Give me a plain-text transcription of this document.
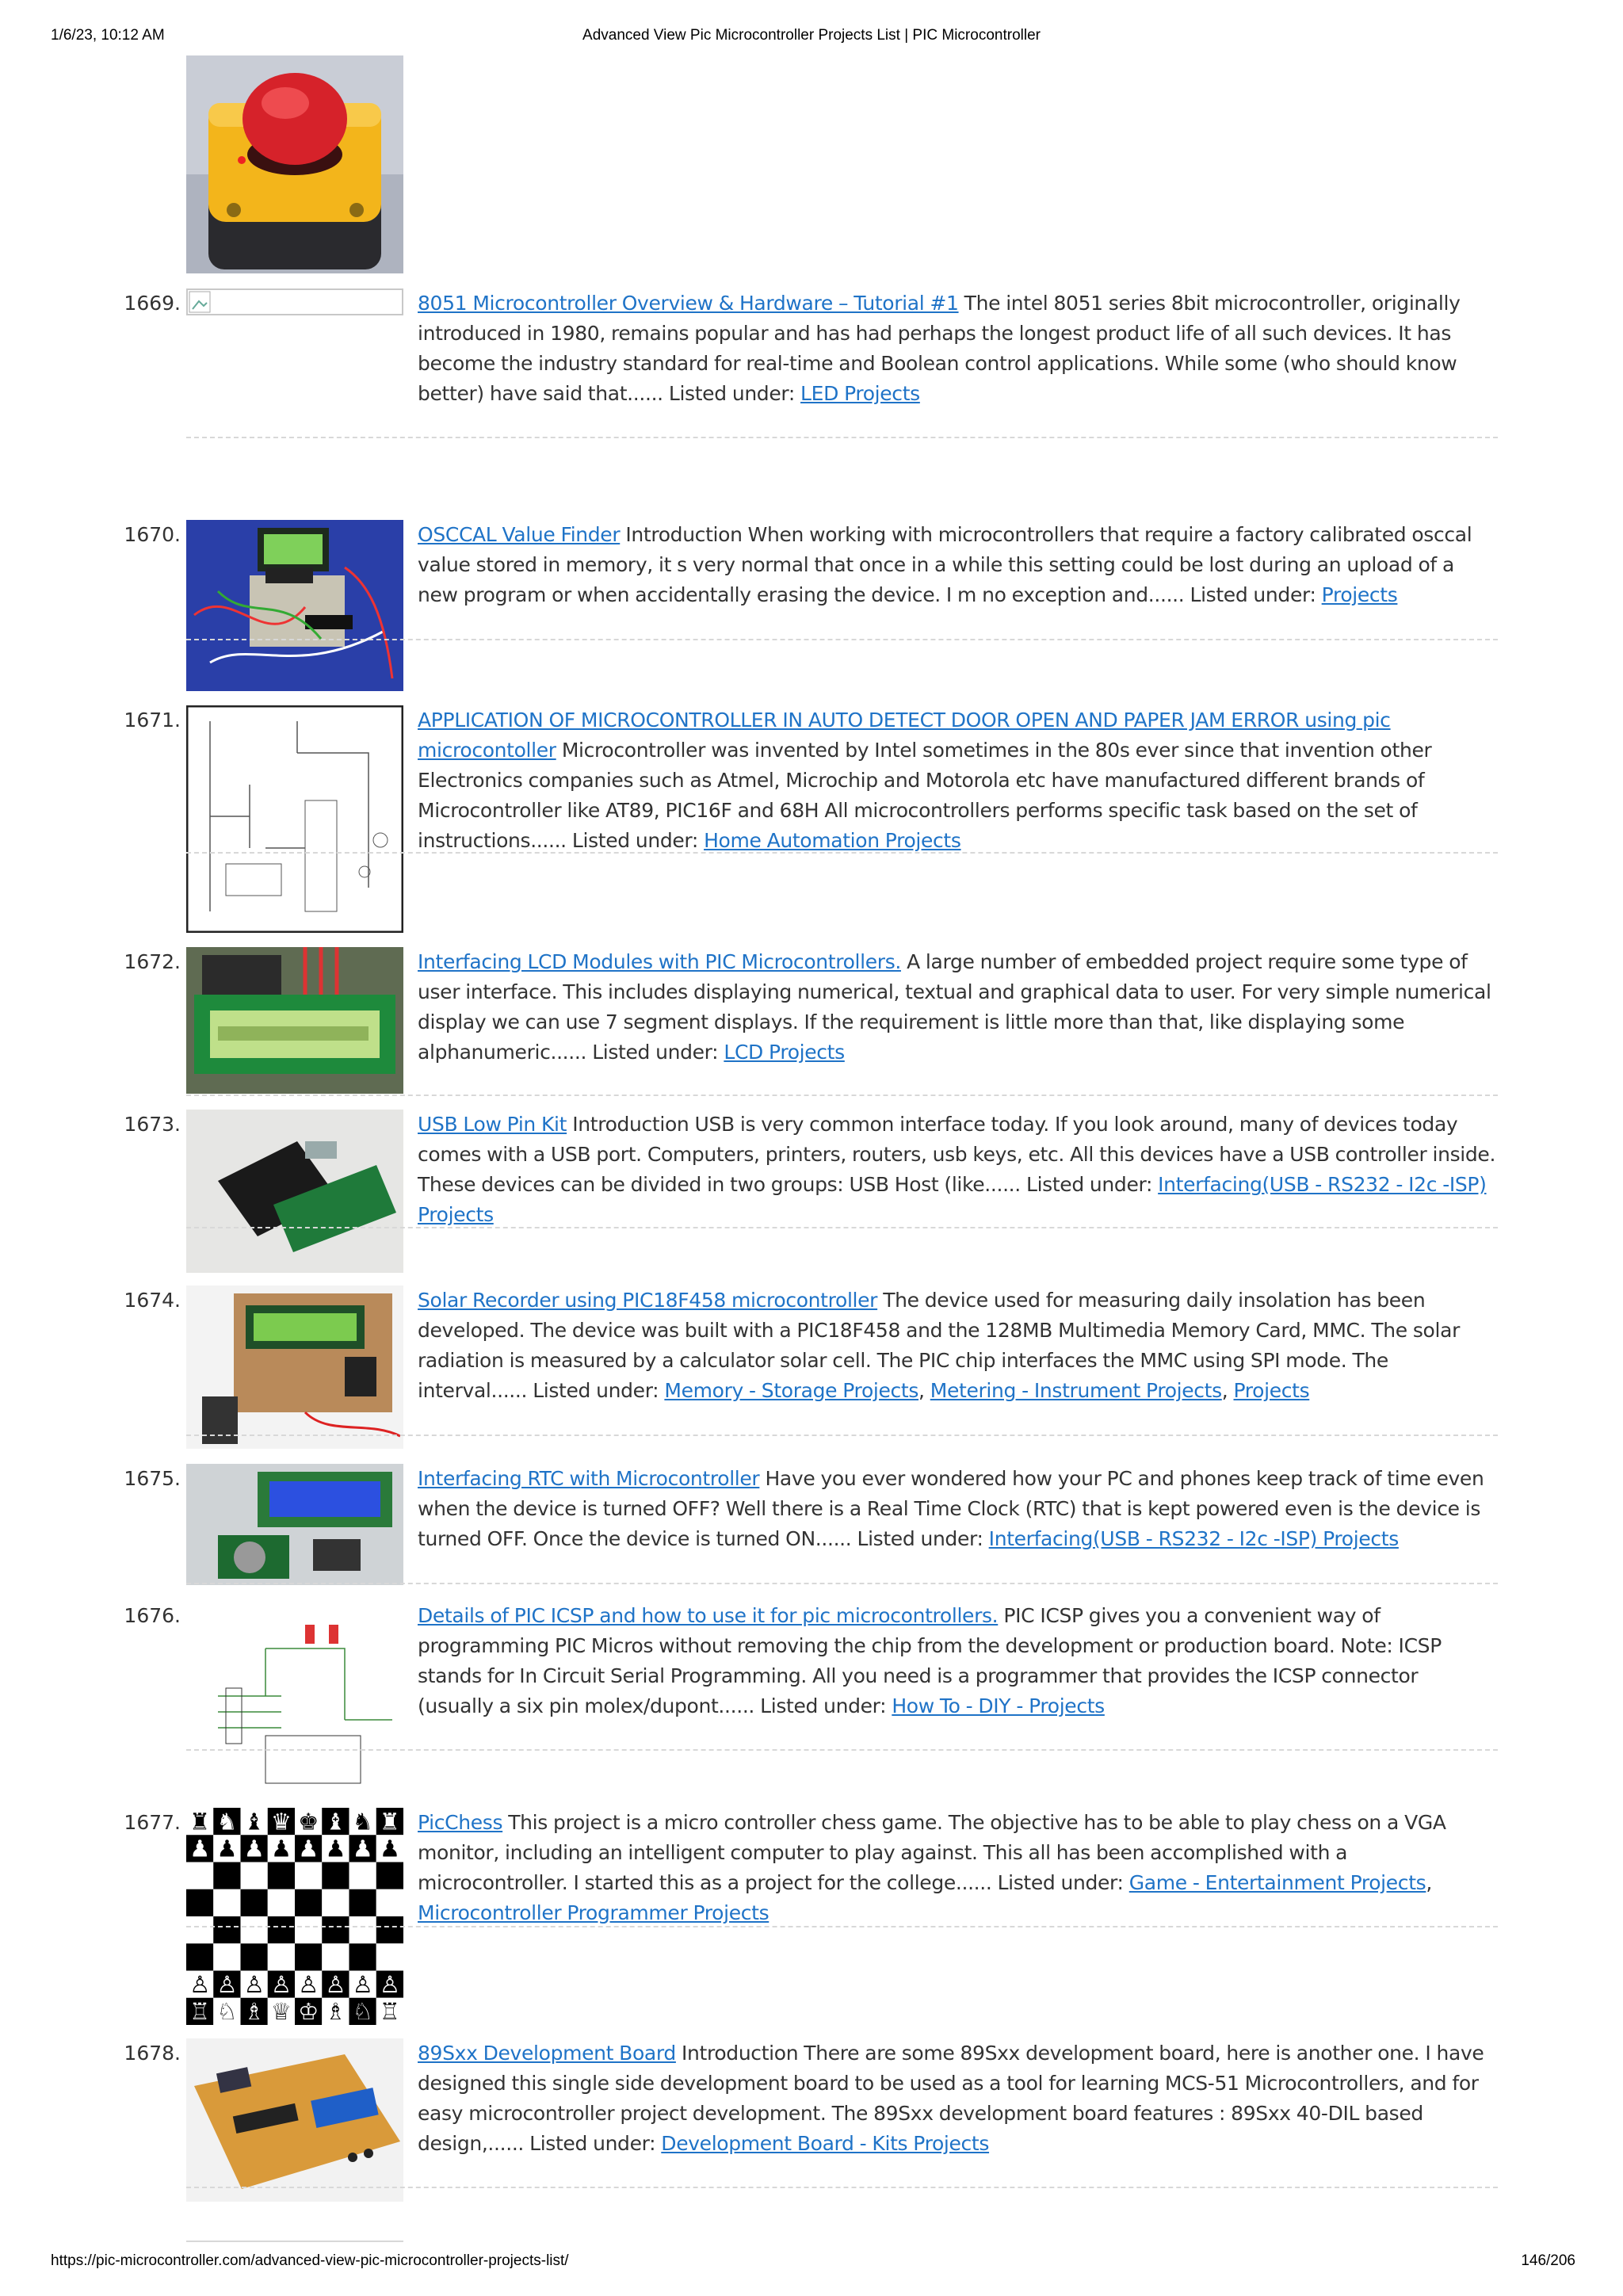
1/6/23, 10:12 AM	Advanced View Pic Microcontroller Projects List | PIC Microcontroller
1669.	8051 Microcontroller Overview & Hardware – Tutorial #1 The intel 8051 series 8bit microcontroller, originally introduced in 1980, remains popular and has had perhaps the longest product life of all such devices. It has become the industry standard for real-time and Boolean control applications. While some (who should know better) have said that...... Listed under: LED Projects
1670.	OSCCAL Value Finder Introduction When working with microcontrollers that require a factory calibrated osccal value stored in memory, it s very normal that once in a while this setting could be lost during an upload of a new program or when accidentally erasing the device. I m no exception and...... Listed under: Projects
1671.	APPLICATION OF MICROCONTROLLER IN AUTO DETECT DOOR OPEN AND PAPER JAM ERROR using pic microcontoller Microcontroller was invented by Intel sometimes in the 80s ever since that invention other Electronics companies such as Atmel, Microchip and Motorola etc have manufactured different brands of Microcontroller like AT89, PIC16F and 68H All microcontrollers performs specific task based on the set of instructions...... Listed under: Home Automation Projects
1672.	Interfacing LCD Modules with PIC Microcontrollers. A large number of embedded project require some type of user interface. This includes displaying numerical, textual and graphical data to user. For very simple numerical display we can use 7 segment displays. If the requirement is little more than that, like displaying some alphanumeric...... Listed under: LCD Projects
1673.	USB Low Pin Kit Introduction USB is very common interface today. If you look around, many of devices today comes with a USB port. Computers, printers, routers, usb keys, etc. All this devices have a USB controller inside. These devices can be divided in two groups: USB Host (like...... Listed under: Interfacing(USB - RS232 - I2c -ISP) Projects
1674.	Solar Recorder using PIC18F458 microcontroller The device used for measuring daily insolation has been developed. The device was built with a PIC18F458 and the 128MB Multimedia Memory Card, MMC. The solar radiation is measured by a calculator solar cell. The PIC chip interfaces the MMC using SPI mode. The interval...... Listed under: Memory - Storage Projects, Metering - Instrument Projects, Projects
1675.	Interfacing RTC with Microcontroller Have you ever wondered how your PC and phones keep track of time even when the device is turned OFF? Well there is a Real Time Clock (RTC) that is kept powered even is the device is turned OFF. Once the device is turned ON...... Listed under: Interfacing(USB - RS232 - I2c -ISP) Projects
1676.	Details of PIC ICSP and how to use it for pic microcontrollers. PIC ICSP gives you a convenient way of programming PIC Micros without removing the chip from the development or production board. Note: ICSP stands for In Circuit Serial Programming. All you need is a programmer that provides the ICSP connector (usually a six pin molex/dupont...... Listed under: How To - DIY - Projects
1677. ♜ ♞ ♝ ♛ ♚ ♝ ♞ ♜
♟ ♟ ♟ ♟ ♟ ♟ ♟ ♟
♙ ♙ ♙ ♙ ♙ ♙ ♙ ♙
♖ ♘ ♗ ♕ ♔ ♗ ♘ ♖
PicChess This project is a micro controller chess game. The objective has to be able to play chess on a VGA monitor, including an intelligent computer to play against. This all has been accomplished with a microcontroller. I started this as a project for the college...... Listed under: Game - Entertainment Projects, Microcontroller Programmer Projects
1678.	89Sxx Development Board Introduction There are some 89Sxx development board, here is another one. I have designed this single side development board to be used as a tool for learning MCS-51 Microcontrollers, and for easy microcontroller project development. The 89Sxx development board features : 89Sxx 40-DIL based design,...... Listed under: Development Board - Kits Projects
https://pic-microcontroller.com/advanced-view-pic-microcontroller-projects-list/	146/206
